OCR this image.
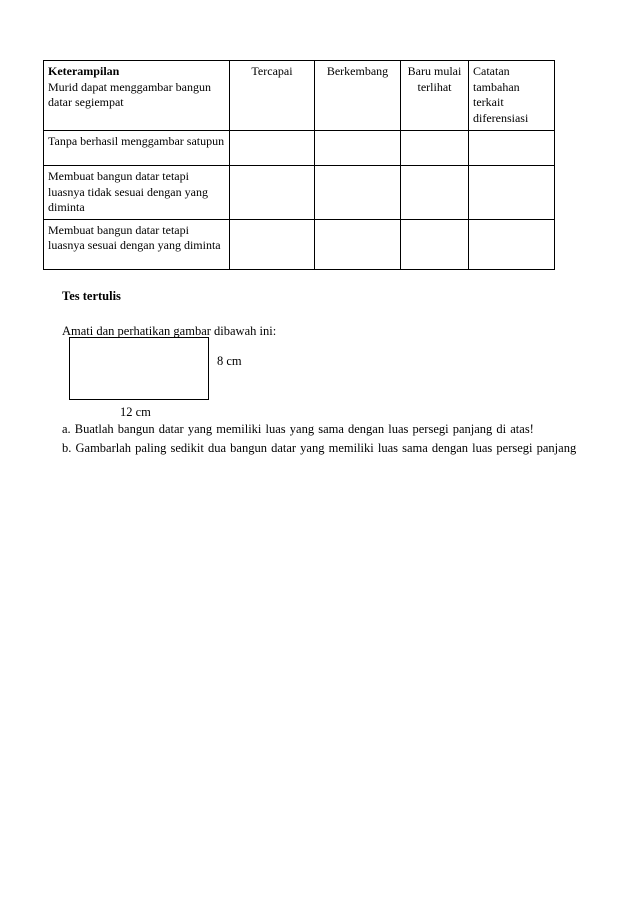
Keterampilan
Murid dapat menggambar bangun datar segiempat	Tercapai	Berkembang	Baru mulai terlihat	Catatan tambahan terkait diferensiasi
Tanpa berhasil menggambar satupun				
Membuat bangun datar tetapi luasnya tidak sesuai dengan yang diminta				
Membuat bangun datar tetapi luasnya sesuai dengan yang diminta				
Tes tertulis
Amati dan perhatikan gambar dibawah ini:
8 cm
12 cm
a. Buatlah bangun datar yang memiliki luas yang sama dengan luas persegi panjang di atas!
b. Gambarlah paling sedikit dua bangun datar yang memiliki luas sama dengan luas persegi panjang
